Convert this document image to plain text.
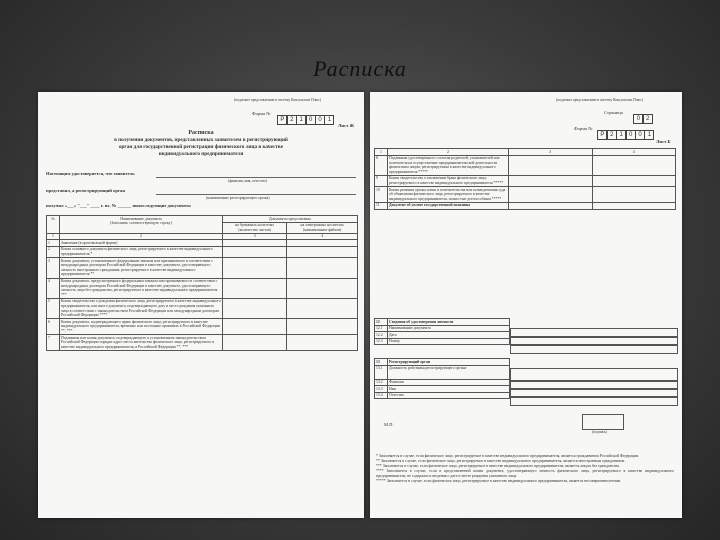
Расписка
(подлежит представлению в систему Консультант Плюс)
Форма №
Р 2 1 0 0 1
Лист Ж
Расписка
в получении документов, представленных заявителем в регистрирующий
орган для государственной регистрации физического лица в качестве
индивидуального предпринимателя
Настоящим удостоверяется, что заявитель
(фамилия, имя, отчество)
представил, а регистрирующий орган
(наименование регистрирующего органа)
получил «___» "___" ____ г. вх. № ______ нижеследующие документы
№	Наименование документа
(Заполнить соответствующую строку)	Документы представлены	
		на бумажных носителях
(количество листов)	на электронных носителях
(наименование файлов)
1	2	3	4
1	Заявление (в произвольной форме)		
2	Копия основного документа физического лица, регистрируемого в качестве индивидуального предпринимателя *		
3	Копия документа, установленного федеральным законом или признаваемого в соответствии с международным договором Российской Федерации в качестве документа, удостоверяющего личность иностранного гражданина, регистрируемого в качестве индивидуального предпринимателя **		
4	Копия документа, предусмотренного федеральным законом или признаваемого в соответствии с международным договором Российской Федерации в качестве документа, удостоверяющего личность лица без гражданства, регистрируемого в качестве индивидуального предпринимателя ***		
5	Копия свидетельства о рождении физического лица, регистрируемого в качестве индивидуального предпринимателя, или иного документа, подтверждающего дату и место рождения указанного лица в соответствии с законодательством Российской Федерации или международным договором Российской Федерации ****		
6	Копия документа, подтверждающего право физического лица, регистрируемого в качестве индивидуального предпринимателя, временно или постоянно проживать в Российской Федерации **, ***		
7	Подлинник или копия документа, подтверждающего в установленном законодательством Российской Федерации порядке адрес места жительства физического лица, регистрируемого в качестве индивидуального предпринимателя, в Российской Федерации **, ***		
(подлежит представлению в систему Консультант Плюс)
Страница
0 2
Форма №
Р 2 1 0 0 1
Лист Б
1	2	3	4
8	Подлинник удостоверенного согласия родителей, усыновителей или попечителя на осуществление предпринимательской деятельности физическим лицом, регистрируемым в качестве индивидуального предпринимателя *****		
9	Копия свидетельства о заключении брака физического лица, регистрируемого в качестве индивидуального предпринимателя *****		
10	Копия решения органа опеки и попечительства или копия решения суда об объявлении физического лица, регистрируемого в качестве индивидуального предпринимателя, полностью дееспособным *****		
11	Документ об уплате государственной пошлины		
12	Сведения об удостоверении личности
12.1	Наименование документа
12.2	Дата
12.3	Номер
13	Регистрирующий орган
13.1	Должность работника регистрирующего органа
13.2	Фамилия
13.3	Имя
13.4	Отчество
М.П.
(подпись)
* Заполняется в случае, если физическое лицо, регистрируемое в качестве индивидуального предпринимателя, является гражданином Российской Федерации.
** Заполняется в случае, если физическое лицо, регистрируемое в качестве индивидуального предпринимателя, является иностранным гражданином.
*** Заполняется в случае, если физическое лицо, регистрируемое в качестве индивидуального предпринимателя, является лицом без гражданства.
**** Заполняется в случае, если в представленной копии документа, удостоверяющего личность физического лица, регистрируемого в качестве индивидуального предпринимателя, не содержатся сведения о дате и месте рождения указанного лица.
***** Заполняется в случае, если физическое лицо, регистрируемое в качестве индивидуального предпринимателя, является несовершеннолетним.
